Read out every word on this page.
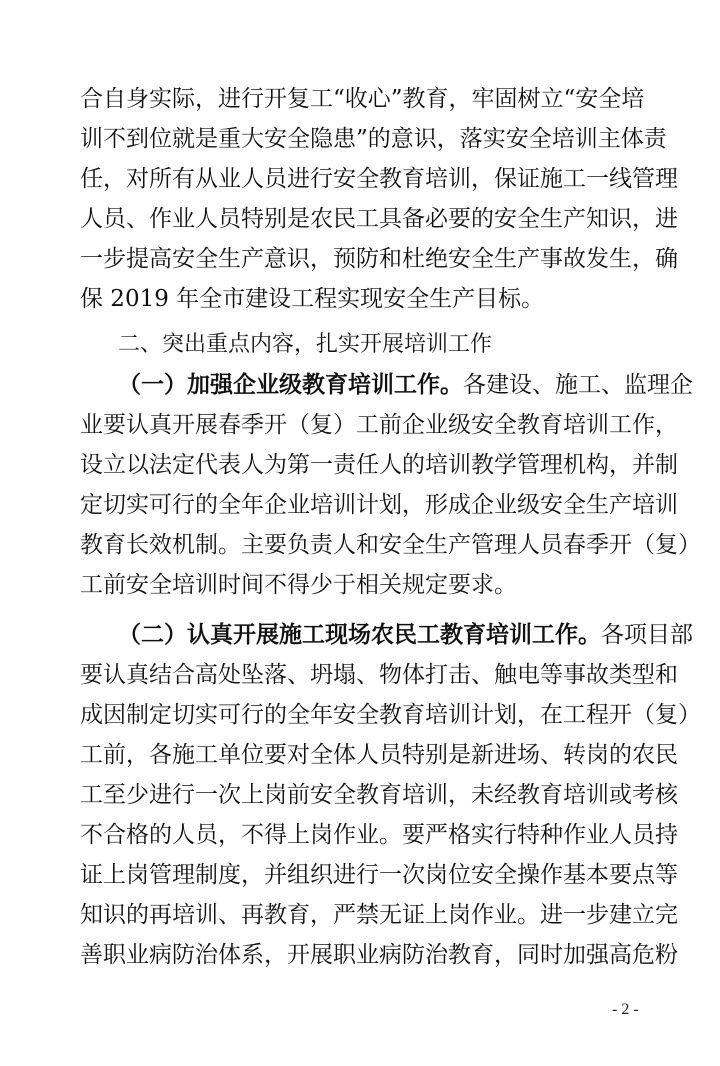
合自身实际，进行开复工“收心”教育，牢固树立“安全培
训不到位就是重大安全隐患”的意识，落实安全培训主体责
任，对所有从业人员进行安全教育培训，保证施工一线管理
人员、作业人员特别是农民工具备必要的安全生产知识，进
一步提高安全生产意识，预防和杜绝安全生产事故发生，确
保 2019 年全市建设工程实现安全生产目标。
二、突出重点内容，扎实开展培训工作
（一）加强企业级教育培训工作。各建设、施工、监理企
业要认真开展春季开（复）工前企业级安全教育培训工作，
设立以法定代表人为第一责任人的培训教学管理机构，并制
定切实可行的全年企业培训计划，形成企业级安全生产培训
教育长效机制。主要负责人和安全生产管理人员春季开（复）
工前安全培训时间不得少于相关规定要求。
（二）认真开展施工现场农民工教育培训工作。各项目部
要认真结合高处坠落、坍塌、物体打击、触电等事故类型和
成因制定切实可行的全年安全教育培训计划，在工程开（复）
工前，各施工单位要对全体人员特别是新进场、转岗的农民
工至少进行一次上岗前安全教育培训，未经教育培训或考核
不合格的人员，不得上岗作业。要严格实行特种作业人员持
证上岗管理制度，并组织进行一次岗位安全操作基本要点等
知识的再培训、再教育，严禁无证上岗作业。进一步建立完
善职业病防治体系，开展职业病防治教育，同时加强高危粉
- 2 -
